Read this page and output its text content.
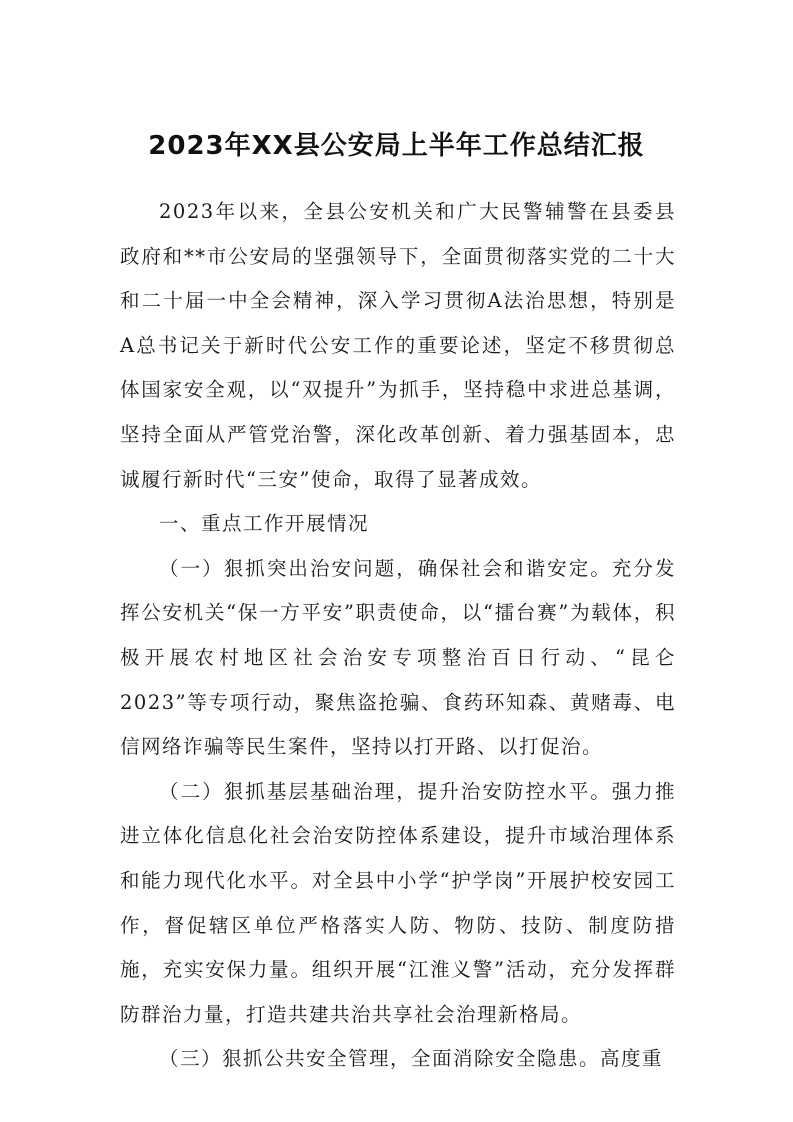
2023年XX县公安局上半年工作总结汇报

2023年以来，全县公安机关和广大民警辅警在县委县政府和**市公安局的坚强领导下，全面贯彻落实党的二十大和二十届一中全会精神，深入学习贯彻A法治思想，特别是A总书记关于新时代公安工作的重要论述，坚定不移贯彻总体国家安全观，以“双提升”为抓手，坚持稳中求进总基调，坚持全面从严管党治警，深化改革创新、着力强基固本，忠诚履行新时代“三安”使命，取得了显著成效。

一、重点工作开展情况

（一）狠抓突出治安问题，确保社会和谐安定。充分发挥公安机关“保一方平安”职责使命，以“擂台赛”为载体，积极开展农村地区社会治安专项整治百日行动、“昆仑2023”等专项行动，聚焦盗抢骗、食药环知森、黄赌毒、电信网络诈骗等民生案件，坚持以打开路、以打促治。

（二）狠抓基层基础治理，提升治安防控水平。强力推进立体化信息化社会治安防控体系建设，提升市域治理体系和能力现代化水平。对全县中小学“护学岗”开展护校安园工作，督促辖区单位严格落实人防、物防、技防、制度防措施，充实安保力量。组织开展“江淮义警”活动，充分发挥群防群治力量，打造共建共治共享社会治理新格局。

（三）狠抓公共安全管理，全面消除安全隐患。高度重
